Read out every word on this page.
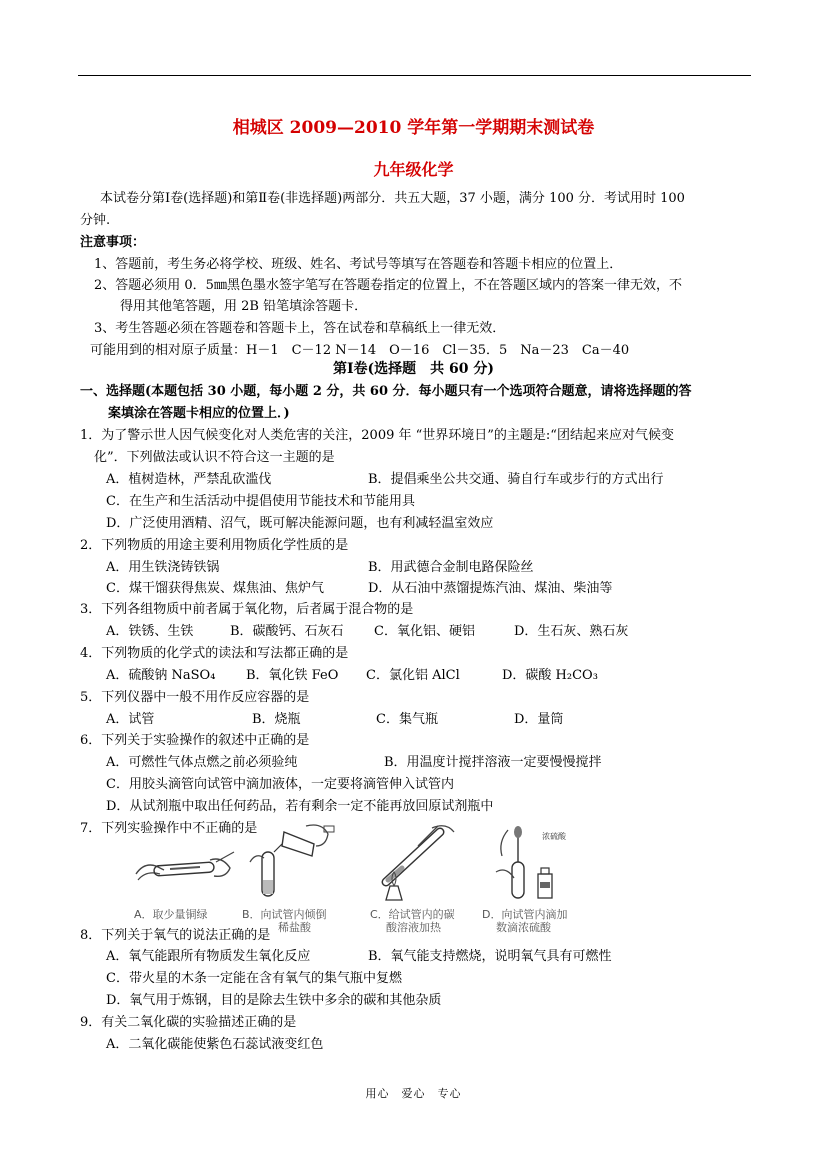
相城区 2009—2010 学年第一学期期末测试卷
九年级化学
本试卷分第Ⅰ卷(选择题)和第Ⅱ卷(非选择题)两部分．共五大题，37 小题，满分 100 分．考试用时 100
分钟.
注意事项：
1、答题前，考生务必将学校、班级、姓名、考试号等填写在答题卷和答题卡相应的位置上．
2、答题必须用 0．5㎜黑色墨水签字笔写在答题卷指定的位置上，不在答题区域内的答案一律无效，不
得用其他笔答题，用 2B 铅笔填涂答题卡．
3、考生答题必须在答题卷和答题卡上，答在试卷和草稿纸上一律无效．
可能用到的相对原子质量：H－1　C－12 N－14　O－16　Cl－35．5　Na－23　Ca－40
第Ⅰ卷(选择题　共 60 分)
一、选择题(本题包括 30 小题，每小题 2 分，共 60 分．每小题只有一个选项符合题意，请将选择题的答
案填涂在答题卡相应的位置上．)
1．为了警示世人因气候变化对人类危害的关注，2009 年 “世界环境日”的主题是:“团结起来应对气候变
化”．下列做法或认识不符合这一主题的是
A．植树造林，严禁乱砍滥伐	B．提倡乘坐公共交通、骑自行车或步行的方式出行
C．在生产和生活活动中提倡使用节能技术和节能用具
D．广泛使用酒精、沼气，既可解决能源问题，也有利减轻温室效应
2．下列物质的用途主要利用物质化学性质的是
A．用生铁浇铸铁锅	B．用武德合金制电路保险丝
C．煤干馏获得焦炭、煤焦油、焦炉气	D．从石油中蒸馏提炼汽油、煤油、柴油等
3．下列各组物质中前者属于氧化物，后者属于混合物的是
A．铁锈、生铁	B．碳酸钙、石灰石 C．氧化铝、硬铝	D．生石灰、熟石灰
4．下列物质的化学式的读法和写法都正确的是
A．硫酸钠 NaSO₄ B．氧化铁 FeO C．氯化铝 AlCl	D．碳酸 H₂CO₃
5．下列仪器中一般不用作反应容器的是
A．试管	B．烧瓶	C．集气瓶	D．量筒
6．下列关于实验操作的叙述中正确的是
A．可燃性气体点燃之前必须验纯	B．用温度计搅拌溶液一定要慢慢搅拌
C．用胶头滴管向试管中滴加液体，一定要将滴管伸入试管内
D．从试剂瓶中取出任何药品，若有剩余一定不能再放回原试剂瓶中
7．下列实验操作中不正确的是
A．取少量铜绿	B．向试管内倾倒
稀盐酸
C．给试管内的碳
酸溶液加热
浓硫酸
D．向试管内滴加
数滴浓硫酸
8．下列关于氧气的说法正确的是
A．氧气能跟所有物质发生氧化反应	B．氧气能支持燃烧，说明氧气具有可燃性
C．带火星的木条一定能在含有氧气的集气瓶中复燃
D．氧气用于炼钢，目的是除去生铁中多余的碳和其他杂质
9．有关二氧化碳的实验描述正确的是
A．二氧化碳能使紫色石蕊试液变红色
用心　爱心　专心
